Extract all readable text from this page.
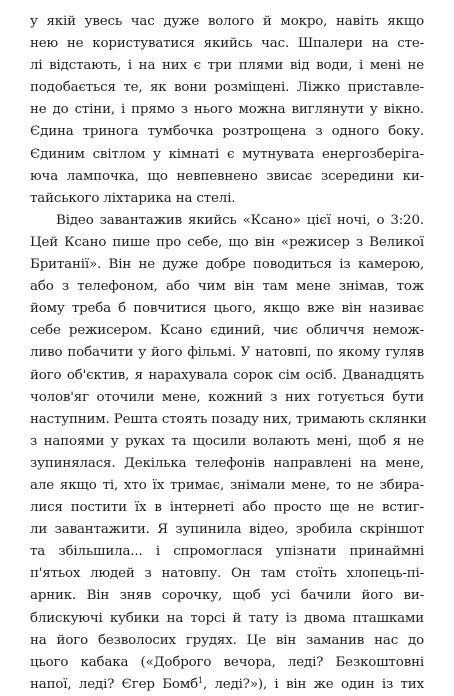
у якій увесь час дуже волого й мокро, навіть якщо
нею не користуватися якийсь час. Шпалери на сте-
лі відстають, і на них є три плями від води, і мені не
подобається те, як вони розміщені. Ліжко приставле-
не до стіни, і прямо з нього можна виглянути у вікно.
Єдина тринога тумбочка розтрощена з одного боку.
Єдиним світлом у кімнаті є мутнувата енергозберіга-
юча лампочка, що невпевнено звисає зсередини ки-
тайського ліхтарика на стелі.
Відео завантажив якийсь «Ксано» цієї ночі, о 3:20.
Цей Ксано пише про себе, що він «режисер з Великої
Британії». Він не дуже добре поводиться із камерою,
або з телефоном, або чим він там мене знімав, тож
йому треба б повчитися цього, якщо вже він називає
себе режисером. Ксано єдиний, чиє обличчя немож-
ливо побачити у його фільмі. У натовпі, по якому гуляв
його об'єктив, я нарахувала сорок сім осіб. Дванадцять
чолов'яг оточили мене, кожний з них готується бути
наступним. Решта стоять позаду них, тримають склянки
з напоями у руках та щосили волають мені, щоб я не
зупинялася. Декілька телефонів направлені на мене,
але якщо ті, хто їх тримає, знімали мене, то не збира-
лися постити їх в інтернеті або просто ще не встиг-
ли завантажити. Я зупинила відео, зробила скріншот
та збільшила... і спромоглася упізнати принаймні
п'ятьох людей з натовпу. Он там стоїть хлопець-пі-
арник. Він зняв сорочку, щоб усі бачили його ви-
блискуючі кубики на торсі й тату із двома пташками
на його безволосих грудях. Це він заманив нас до
цього кабака («Доброго вечора, леді? Безкоштовні
напої, леді? Єгер Бомб$^1$, леді?»), і він же один із тих
